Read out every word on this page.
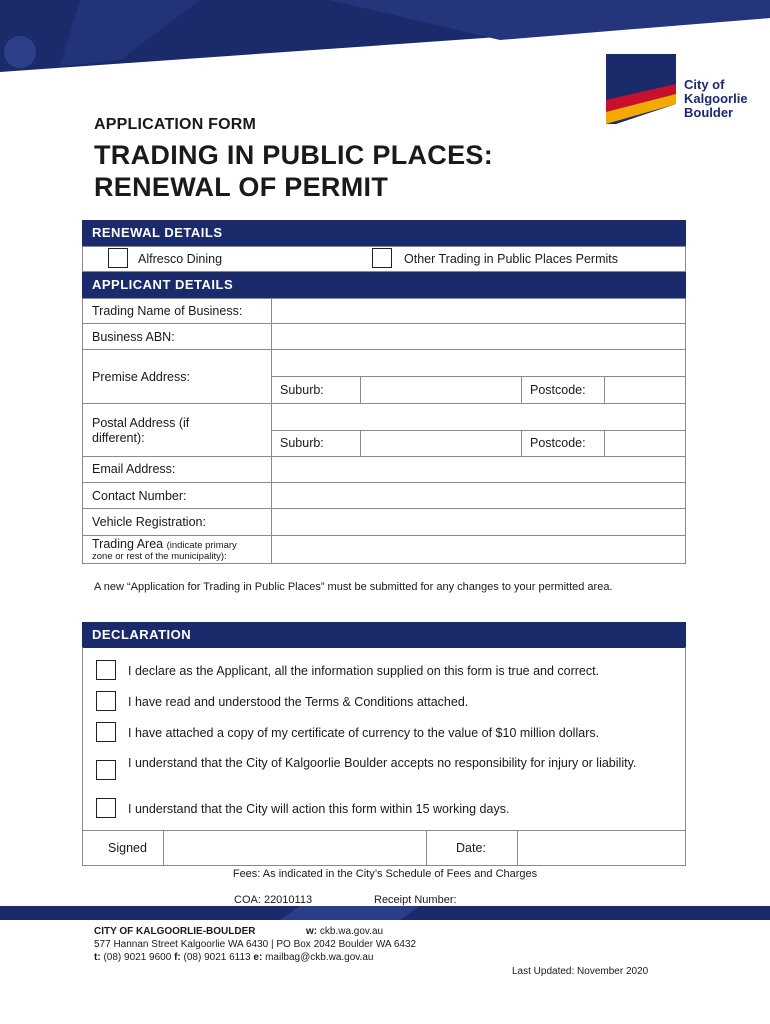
City of
Kalgoorlie
Boulder
APPLICATION FORM
TRADING IN PUBLIC PLACES:
RENEWAL OF PERMIT
RENEWAL DETAILS
Alfresco Dining	Other Trading in Public Places Permits
APPLICANT DETAILS
Trading Name of Business:
Business ABN:
Premise Address:
Suburb:	Postcode:
Postal Address (if
different):	Suburb:	Postcode:
Email Address:
Contact Number:
Vehicle Registration:
Trading Area (indicate primary
zone or rest of the municipality):
A new “Application for Trading in Public Places” must be submitted for any changes to your permitted area.
DECLARATION
I declare as the Applicant, all the information supplied on this form is true and correct.
I have read and understood the Terms & Conditions attached.
I have attached a copy of my certificate of currency to the value of $10 million dollars.
I understand that the City of Kalgoorlie Boulder accepts no responsibility for injury or liability.
I understand that the City will action this form within 15 working days.
Signed	Date:
Fees: As indicated in the City’s Schedule of Fees and Charges
COA: 22010113	Receipt Number:
CITY OF KALGOORLIE-BOULDER	w: ckb.wa.gov.au
577 Hannan Street Kalgoorlie WA 6430 | PO Box 2042 Boulder WA 6432
t: (08) 9021 9600 f: (08) 9021 6113 e: mailbag@ckb.wa.gov.au
Last Updated: November 2020
